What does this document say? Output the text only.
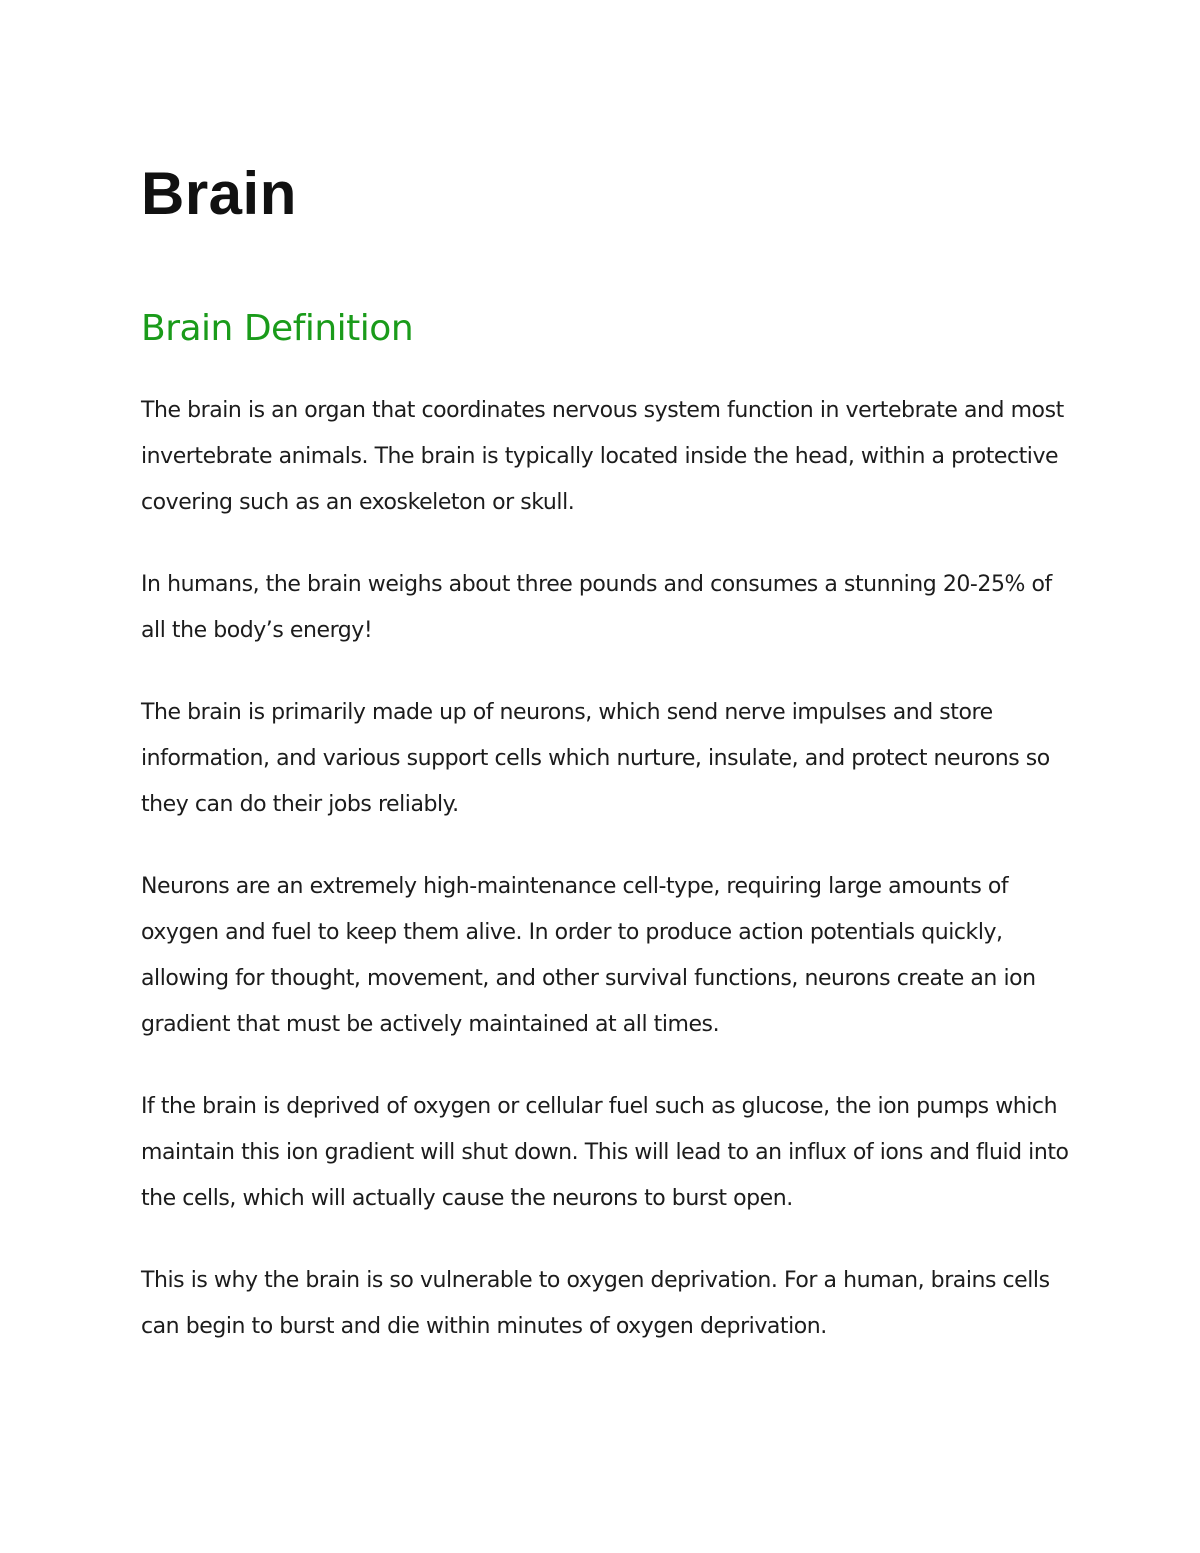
Brain
Brain Definition

The brain is an organ that coordinates nervous system function in vertebrate and most invertebrate animals. The brain is typically located inside the head, within a protective covering such as an exoskeleton or skull.

In humans, the brain weighs about three pounds and consumes a stunning 20-25% of all the body’s energy!

The brain is primarily made up of neurons, which send nerve impulses and store information, and various support cells which nurture, insulate, and protect neurons so they can do their jobs reliably.

Neurons are an extremely high-maintenance cell-type, requiring large amounts of oxygen and fuel to keep them alive. In order to produce action potentials quickly, allowing for thought, movement, and other survival functions, neurons create an ion gradient that must be actively maintained at all times.

If the brain is deprived of oxygen or cellular fuel such as glucose, the ion pumps which maintain this ion gradient will shut down. This will lead to an influx of ions and fluid into the cells, which will actually cause the neurons to burst open.

This is why the brain is so vulnerable to oxygen deprivation. For a human, brains cells can begin to burst and die within minutes of oxygen deprivation.
